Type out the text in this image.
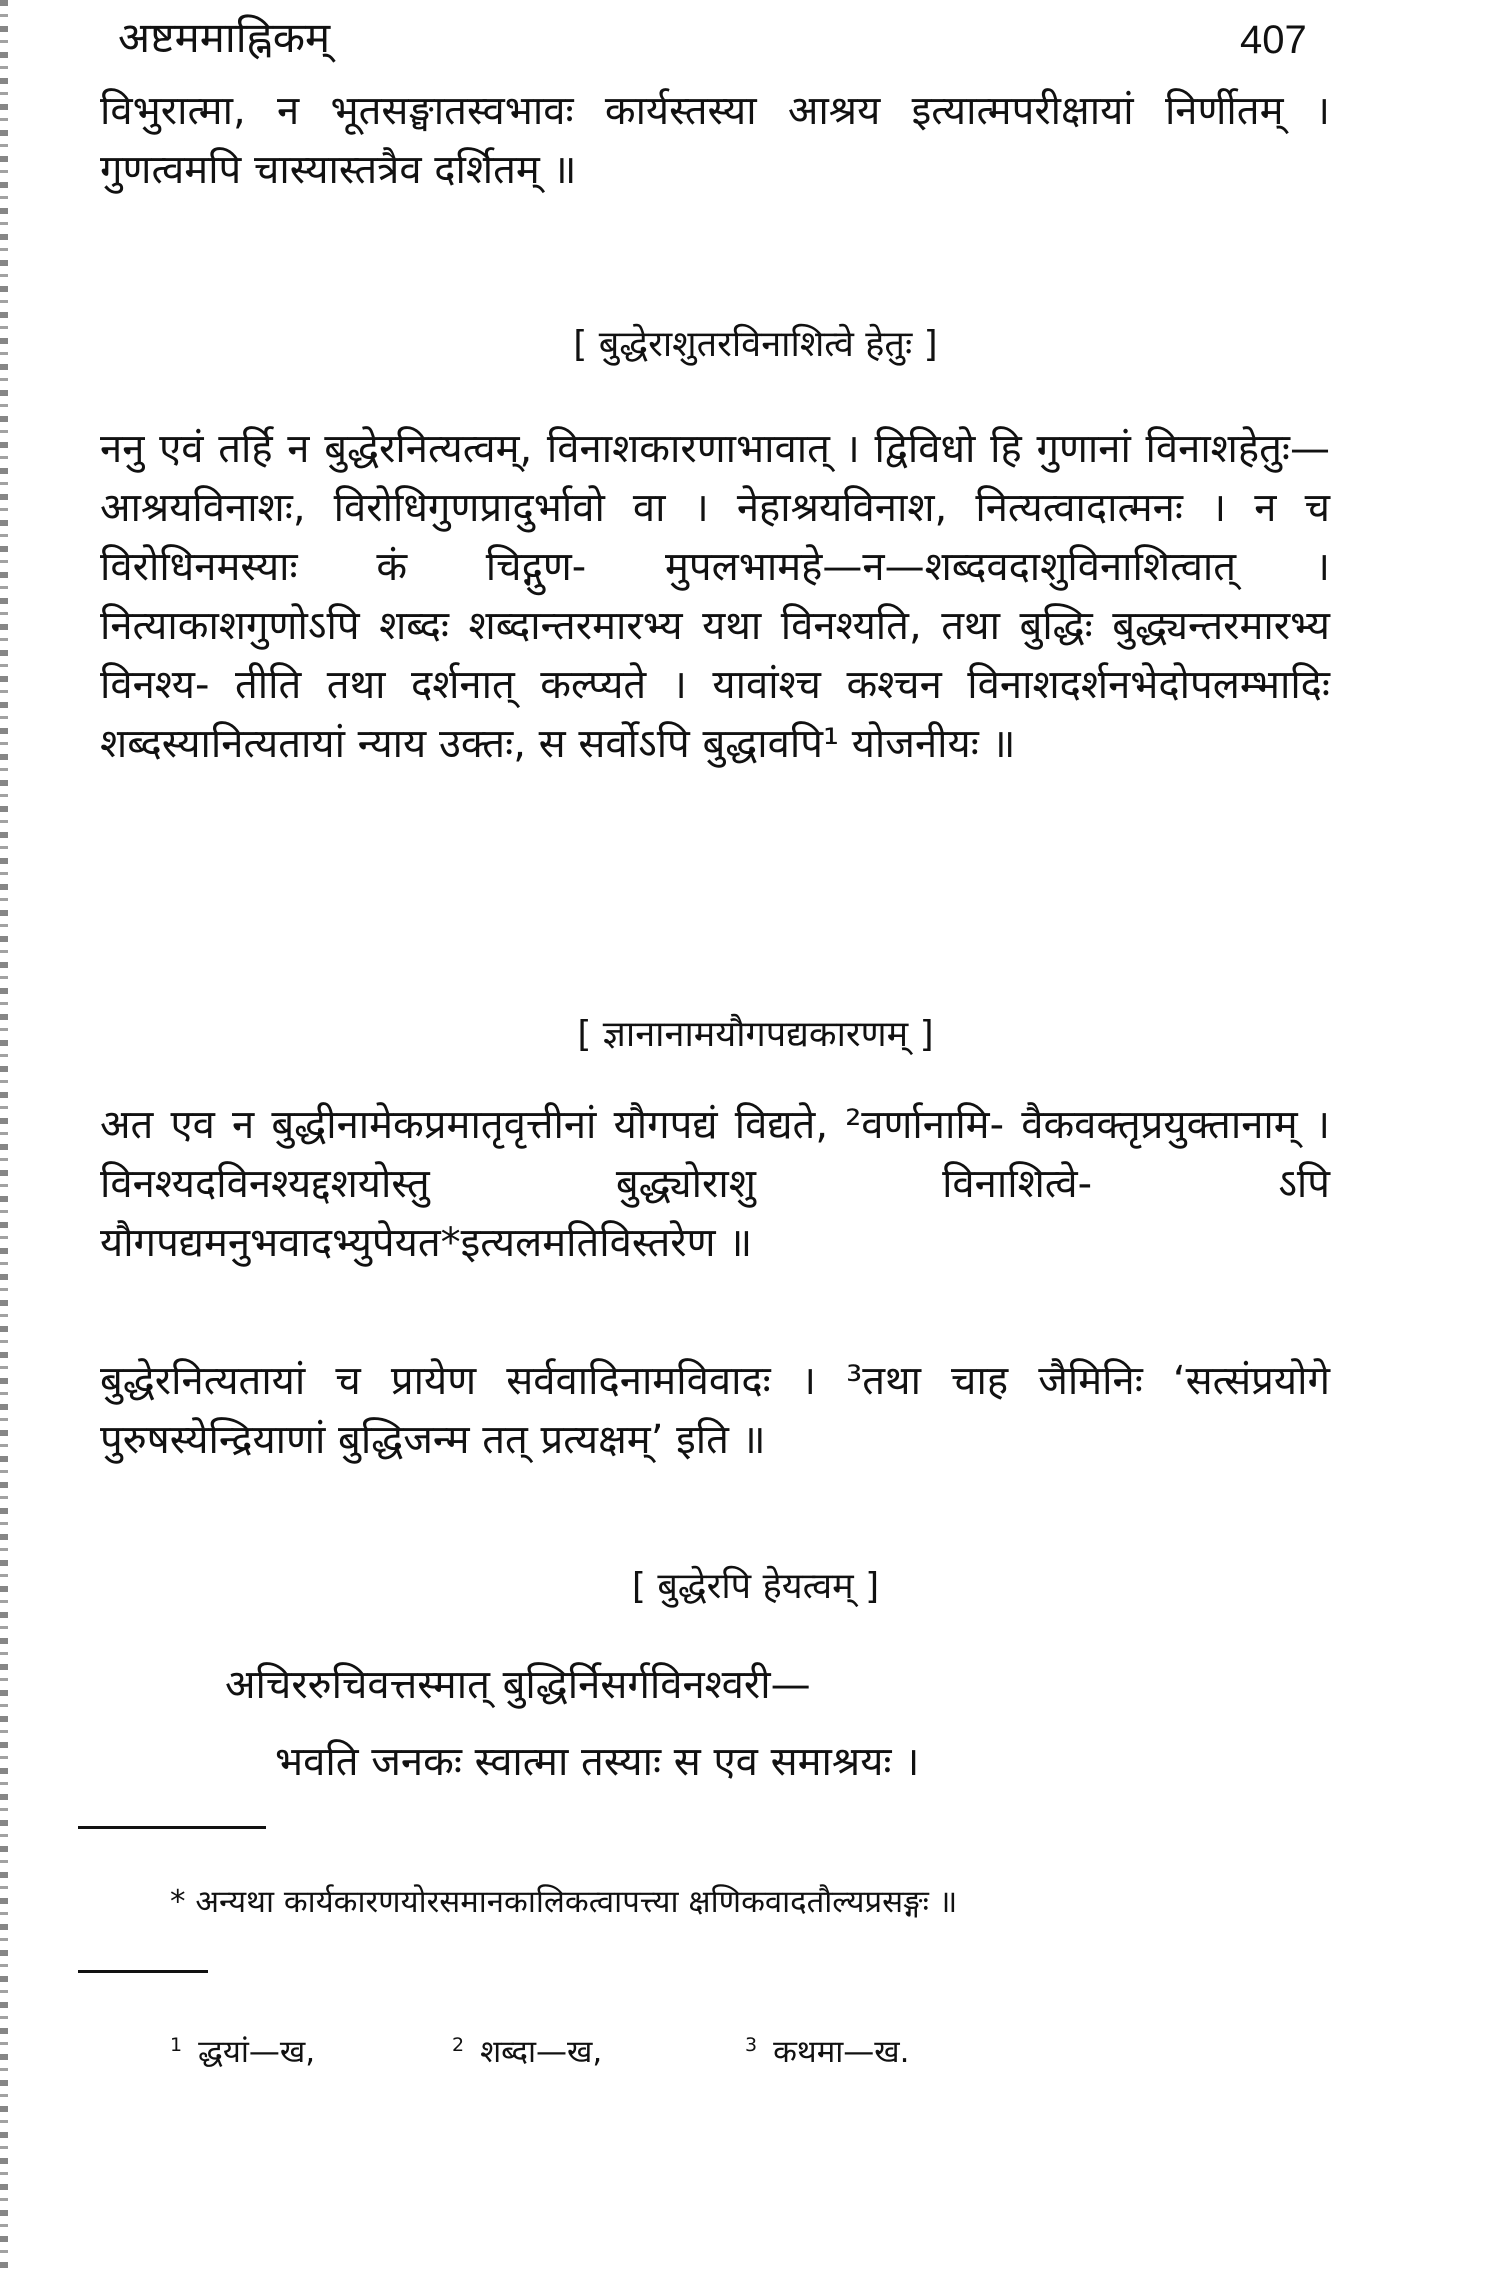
अष्टममाह्निकम्	407

विभुरात्मा, न भूतसङ्घातस्वभावः कार्यस्तस्या आश्रय इत्यात्मपरीक्षायां निर्णीतम् । गुणत्वमपि चास्यास्तत्रैव दर्शितम् ॥

[ बुद्धेराशुतरविनाशित्वे हेतुः ]

ननु एवं तर्हि न बुद्धेरनित्यत्वम्, विनाशकारणाभावात् । द्विविधो हि गुणानां विनाशहेतुः—आश्रयविनाशः, विरोधिगुणप्रादुर्भावो वा । नेहाश्रयविनाश, नित्यत्वादात्मनः । न च विरोधिनमस्याः कं चिद्गुण- मुपलभामहे—न—शब्दवदाशुविनाशित्वात् । नित्याकाशगुणोऽपि शब्दः शब्दान्तरमारभ्य यथा विनश्यति, तथा बुद्धिः बुद्ध्यन्तरमारभ्य विनश्य- तीति तथा दर्शनात् कल्प्यते । यावांश्च कश्चन विनाशदर्शनभेदोपलम्भादिः शब्दस्यानित्यतायां न्याय उक्तः, स सर्वोऽपि बुद्धावपि¹ योजनीयः ॥

[ ज्ञानानामयौगपद्यकारणम् ]

अत एव न बुद्धीनामेकप्रमातृवृत्तीनां यौगपद्यं विद्यते, ²वर्णानामि- वैकवक्तृप्रयुक्तानाम् । विनश्यदविनश्यद्दशयोस्तु बुद्ध्योराशु विनाशित्वे- ऽपि यौगपद्यमनुभवादभ्युपेयत*इत्यलमतिविस्तरेण ॥

बुद्धेरनित्यतायां च प्रायेण सर्ववादिनामविवादः । ³तथा चाह जैमिनिः ‘सत्संप्रयोगे पुरुषस्येन्द्रियाणां बुद्धिजन्म तत् प्रत्यक्षम्’ इति ॥

[ बुद्धेरपि हेयत्वम् ]
अचिररुचिवत्तस्मात् बुद्धिर्निसर्गविनश्वरी—
भवति जनकः स्वात्मा तस्याः स एव समाश्रयः ।
* अन्यथा कार्यकारणयोरसमानकालिकत्वापत्त्या क्षणिकवादतौल्यप्रसङ्गः ॥
$^1$ द्धयां—ख,	$^2$ शब्दा—ख,	$^3$ कथमा—ख.
